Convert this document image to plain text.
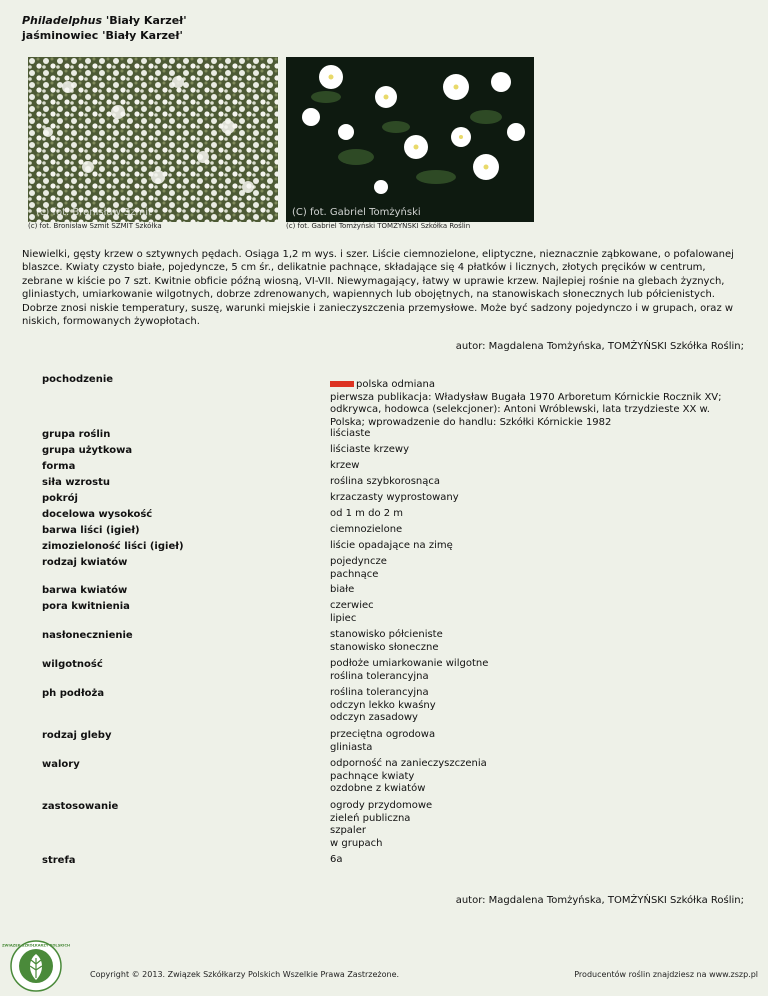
Philadelphus 'Biały Karzeł'
jaśminowiec 'Biały Karzeł'
(c) fot. Bronisław Szmit
(c) fot. Bronisław Szmit SZMIT Szkółka
(C) fot. Gabriel Tomżyński
(c) fot. Gabriel Tomżyński TOMŻYŃSKI Szkółka Roślin
Niewielki, gęsty krzew o sztywnych pędach. Osiąga 1,2 m wys. i szer. Liście ciemnozielone, eliptyczne, nieznacznie ząbkowane, o pofalowanej blaszce. Kwiaty czysto białe, pojedyncze, 5 cm śr., delikatnie pachnące, składające się 4 płatków i licznych, złotych pręcików w centrum, zebrane w kiście po 7 szt. Kwitnie obficie późną wiosną, VI-VII. Niewymagający, łatwy w uprawie krzew. Najlepiej rośnie na glebach żyznych, gliniastych, umiarkowanie wilgotnych, dobrze zdrenowanych, wapiennych lub obojętnych, na stanowiskach słonecznych lub półcienistych. Dobrze znosi niskie temperatury, suszę, warunki miejskie i zanieczyszczenia przemysłowe. Może być sadzony pojedynczo i w grupach, oraz w niskich, formowanych żywopłotach.
autor: Magdalena Tomżyńska, TOMŻYŃSKI Szkółka Roślin;
pochodzenie	polska odmiana
pierwsza publikacja: Władysław Bugała 1970 Arboretum Kórnickie Rocznik XV;
odkrywca, hodowca (selekcjoner): Antoni Wróblewski, lata trzydzieste XX w.
Polska; wprowadzenie do handlu: Szkółki Kórnickie 1982
grupa roślin	liściaste
grupa użytkowa	liściaste krzewy
forma	krzew
siła wzrostu	roślina szybkorosnąca
pokrój	krzaczasty wyprostowany
docelowa wysokość	od 1 m do 2 m
barwa liści (igieł)	ciemnozielone
zimozieloność liści (igieł)	liście opadające na zimę
rodzaj kwiatów	pojedyncze
pachnące
barwa kwiatów	białe
pora kwitnienia	czerwiec
lipiec
nasłonecznienie	stanowisko półcieniste
stanowisko słoneczne
wilgotność	podłoże umiarkowanie wilgotne
roślina tolerancyjna
ph podłoża	roślina tolerancyjna
odczyn lekko kwaśny
odczyn zasadowy
rodzaj gleby	przeciętna ogrodowa
gliniasta
walory	odporność na zanieczyszczenia
pachnące kwiaty
ozdobne z kwiatów
zastosowanie	ogrody przydomowe
zieleń publiczna
szpaler
w grupach
strefa	6a
autor: Magdalena Tomżyńska, TOMŻYŃSKI Szkółka Roślin;
ZWIĄZEK SZKÓŁKARZY POLSKICH
Copyright © 2013. Związek Szkółkarzy Polskich Wszelkie Prawa Zastrzeżone.	Producentów roślin znajdziesz na www.zszp.pl
